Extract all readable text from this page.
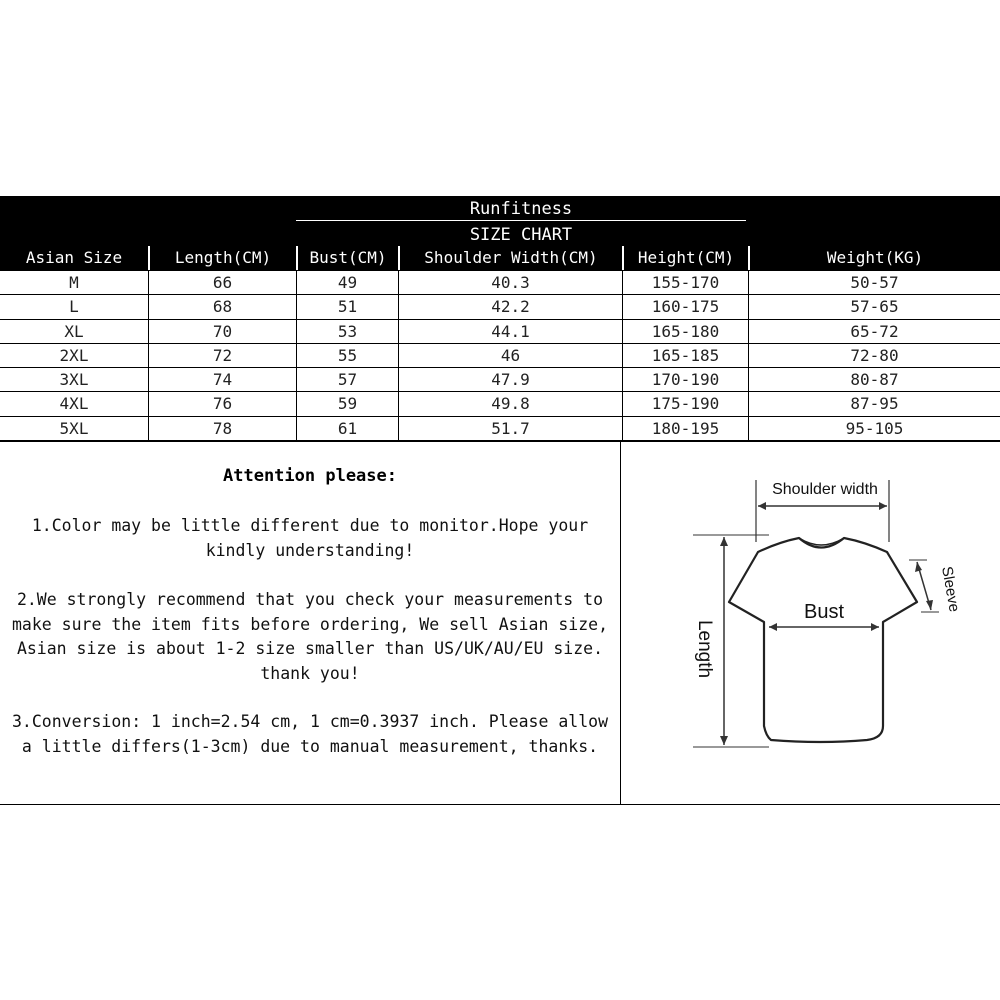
Runfitness
SIZE CHART
Asian Size	Length(CM)	Bust(CM)	Shoulder Width(CM)	Height(CM)	Weight(KG)
M	66	49	40.3	155-170	50-57
L	68	51	42.2	160-175	57-65
XL	70	53	44.1	165-180	65-72
2XL	72	55	46	165-185	72-80
3XL	74	57	47.9	170-190	80-87
4XL	76	59	49.8	175-190	87-95
5XL	78	61	51.7	180-195	95-105
Attention please:
1.Color may be little different due to monitor.Hope your kindly understanding!
2.We strongly recommend that you check your measurements to make sure the item fits before ordering, We sell Asian size, Asian size is about 1-2 size smaller than US/UK/AU/EU size. thank you!
3.Conversion: 1 inch=2.54 cm, 1 cm=0.3937 inch. Please allow a little differs(1-3cm) due to manual measurement, thanks.
Shoulder width
Length
Bust	Sleeve
